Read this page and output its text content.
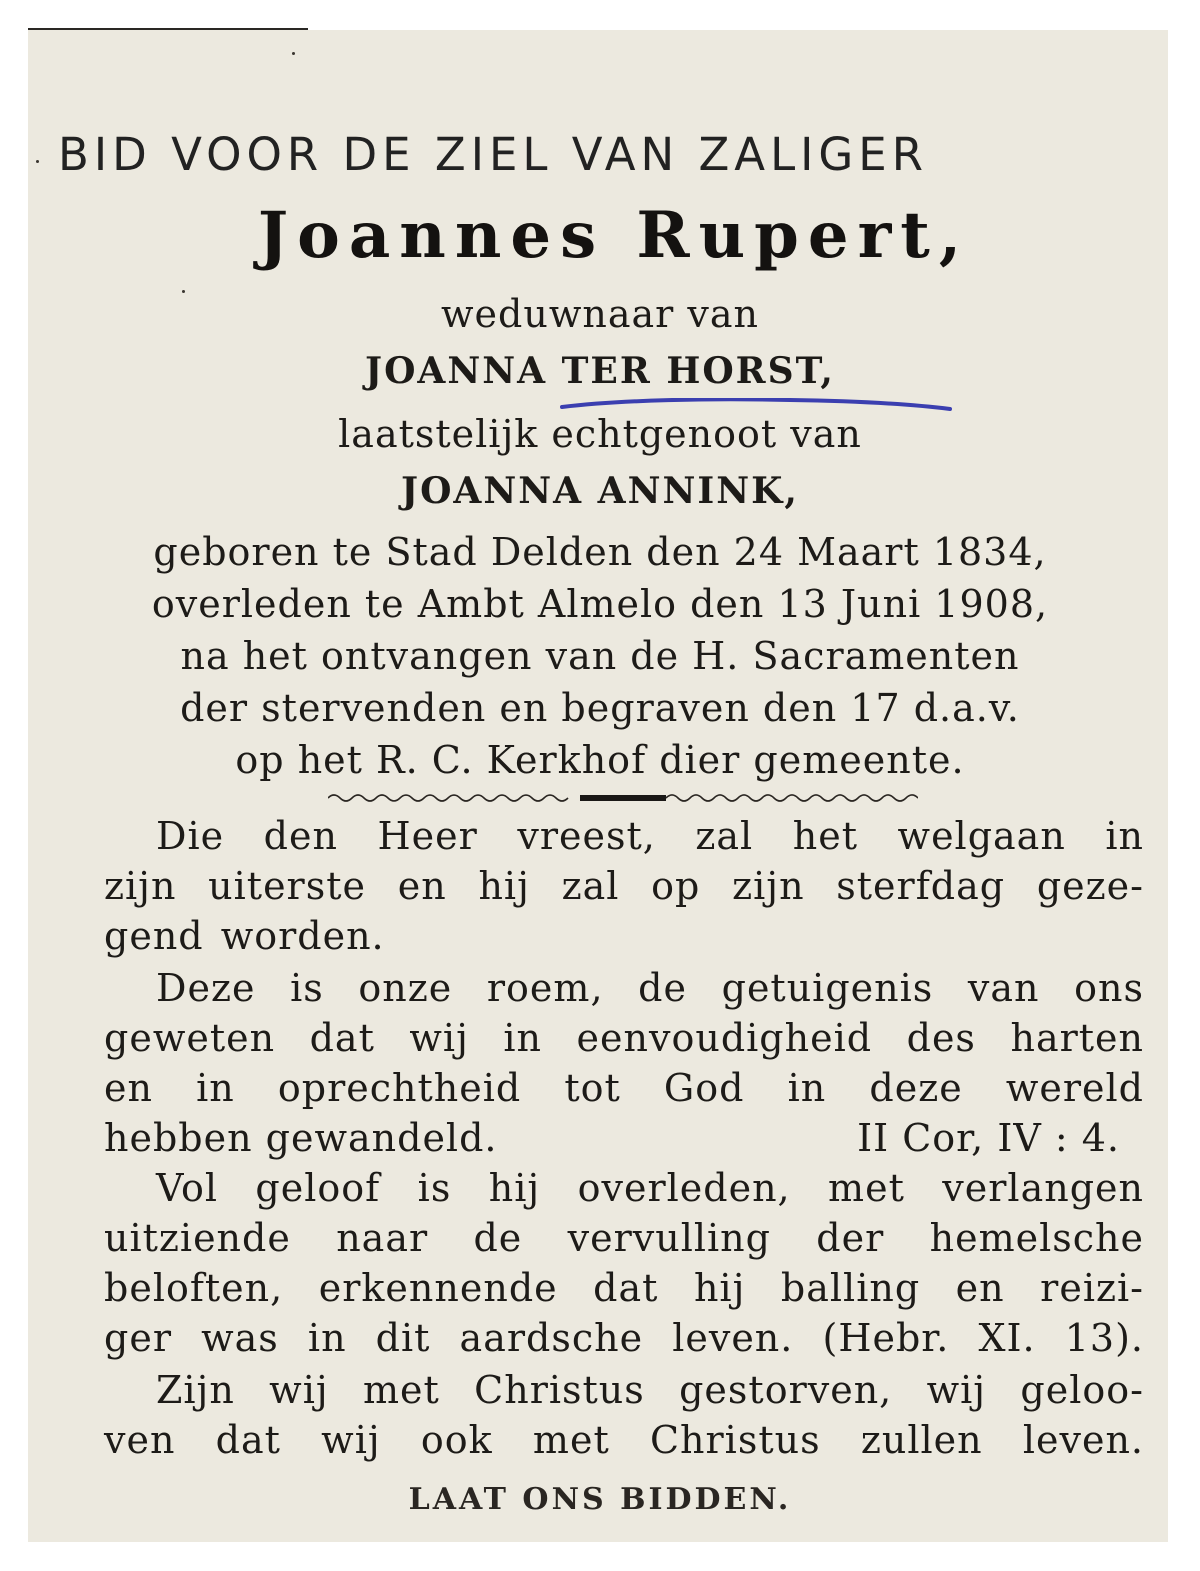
BID VOOR DE ZIEL VAN ZALIGER
Joannes Rupert,
weduwnaar van
JOANNA TER HORST,
laatstelijk echtgenoot van
JOANNA ANNINK,
geboren te Stad Delden den 24 Maart 1834,
overleden te Ambt Almelo den 13 Juni 1908,
na het ontvangen van de H. Sacramenten
der stervenden en begraven den 17 d.a.v.
op het R. C. Kerkhof dier gemeente.
Die den Heer vreest, zal het welgaan in
zijn uiterste en hij zal op zijn sterfdag geze-
gend worden.
Deze is onze roem, de getuigenis van ons
geweten dat wij in eenvoudigheid des harten
en in oprechtheid tot God in deze wereld
hebben gewandeld.	II Cor, IV : 4.
Vol geloof is hij overleden, met verlangen
uitziende naar de vervulling der hemelsche
beloften, erkennende dat hij balling en reizi-
ger was in dit aardsche leven. (Hebr. XI. 13).
Zijn wij met Christus gestorven, wij geloo-
ven dat wij ook met Christus zullen leven.
LAAT ONS BIDDEN.
